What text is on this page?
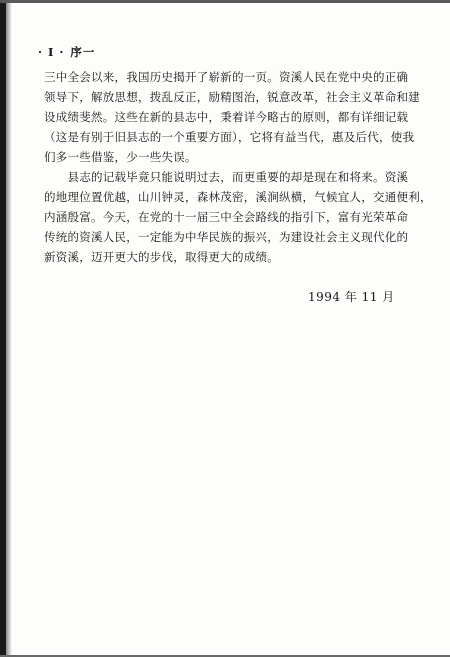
· I · 序一
三中全会以来，我国历史揭开了崭新的一页。资溪人民在党中央的正确
领导下，解放思想，拨乱反正，励精图治，锐意改革，社会主义革命和建
设成绩斐然。这些在新的县志中，秉着详今略古的原则，都有详细记载
（这是有别于旧县志的一个重要方面），它将有益当代，惠及后代，使我
们多一些借鉴，少一些失误。
　　县志的记载毕竟只能说明过去，而更重要的却是现在和将来。资溪
的地理位置优越，山川钟灵，森林茂密，溪涧纵横，气候宜人，交通便利，
内涵殷富。今天，在党的十一届三中全会路线的指引下，富有光荣革命
传统的资溪人民，一定能为中华民族的振兴，为建设社会主义现代化的
新资溪，迈开更大的步伐，取得更大的成绩。
1994 年 11 月
